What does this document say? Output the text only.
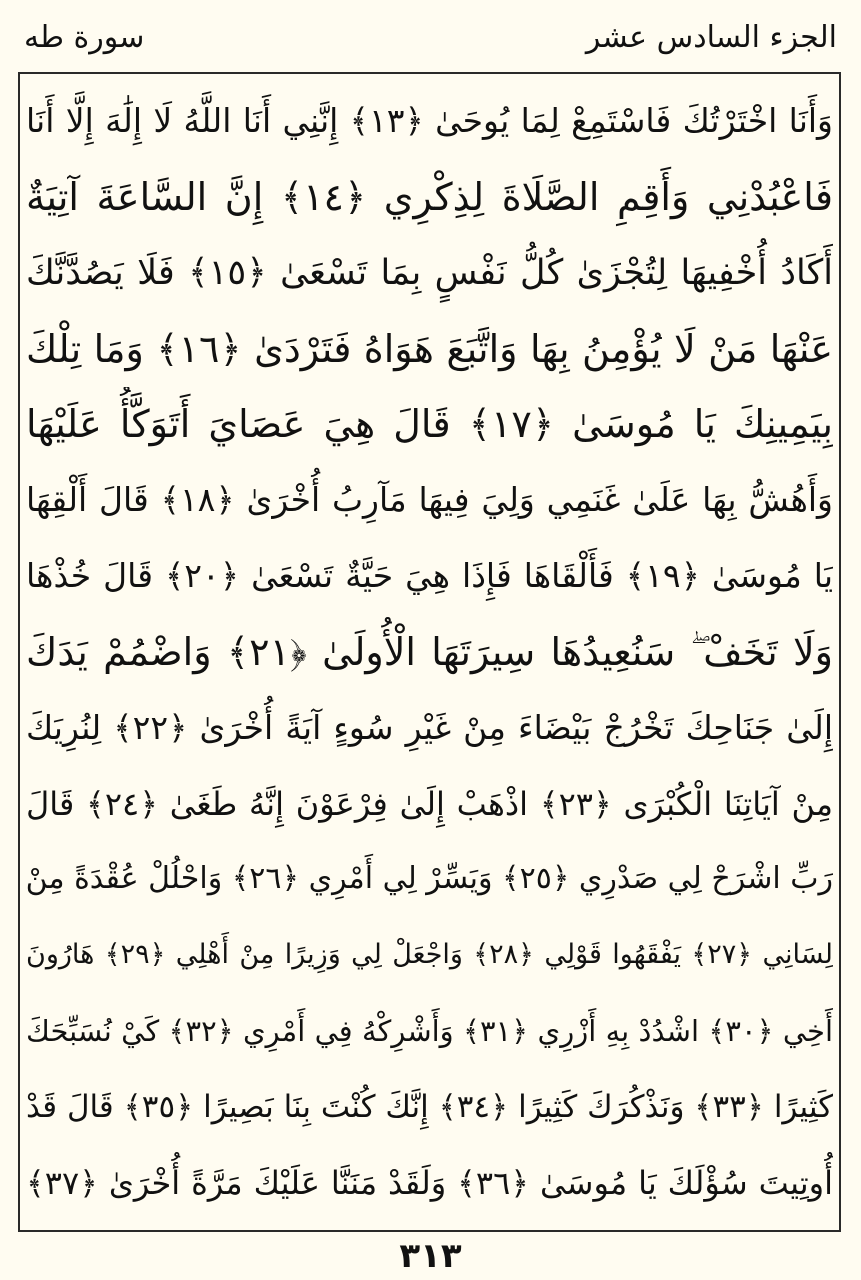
الجزء السادس عشر
سورة طه
وَأَنَا اخْتَرْتُكَ فَاسْتَمِعْ لِمَا يُوحَىٰ ﴿١٣﴾ إِنَّنِي أَنَا اللَّهُ لَا إِلَٰهَ إِلَّا أَنَا
فَاعْبُدْنِي وَأَقِمِ الصَّلَاةَ لِذِكْرِي ﴿١٤﴾ إِنَّ السَّاعَةَ آتِيَةٌ
أَكَادُ أُخْفِيهَا لِتُجْزَىٰ كُلُّ نَفْسٍ بِمَا تَسْعَىٰ ﴿١٥﴾ فَلَا يَصُدَّنَّكَ
عَنْهَا مَنْ لَا يُؤْمِنُ بِهَا وَاتَّبَعَ هَوَاهُ فَتَرْدَىٰ ﴿١٦﴾ وَمَا تِلْكَ
بِيَمِينِكَ يَا مُوسَىٰ ﴿١٧﴾ قَالَ هِيَ عَصَايَ أَتَوَكَّأُ عَلَيْهَا
وَأَهُشُّ بِهَا عَلَىٰ غَنَمِي وَلِيَ فِيهَا مَآرِبُ أُخْرَىٰ ﴿١٨﴾ قَالَ أَلْقِهَا
يَا مُوسَىٰ ﴿١٩﴾ فَأَلْقَاهَا فَإِذَا هِيَ حَيَّةٌ تَسْعَىٰ ﴿٢٠﴾ قَالَ خُذْهَا
وَلَا تَخَفْ ۖ سَنُعِيدُهَا سِيرَتَهَا الْأُولَىٰ ﴿٢١﴾ وَاضْمُمْ يَدَكَ
إِلَىٰ جَنَاحِكَ تَخْرُجْ بَيْضَاءَ مِنْ غَيْرِ سُوءٍ آيَةً أُخْرَىٰ ﴿٢٢﴾ لِنُرِيَكَ
مِنْ آيَاتِنَا الْكُبْرَى ﴿٢٣﴾ اذْهَبْ إِلَىٰ فِرْعَوْنَ إِنَّهُ طَغَىٰ ﴿٢٤﴾ قَالَ
رَبِّ اشْرَحْ لِي صَدْرِي ﴿٢٥﴾ وَيَسِّرْ لِي أَمْرِي ﴿٢٦﴾ وَاحْلُلْ عُقْدَةً مِنْ
لِسَانِي ﴿٢٧﴾ يَفْقَهُوا قَوْلِي ﴿٢٨﴾ وَاجْعَلْ لِي وَزِيرًا مِنْ أَهْلِي ﴿٢٩﴾ هَارُونَ
أَخِي ﴿٣٠﴾ اشْدُدْ بِهِ أَزْرِي ﴿٣١﴾ وَأَشْرِكْهُ فِي أَمْرِي ﴿٣٢﴾ كَيْ نُسَبِّحَكَ
كَثِيرًا ﴿٣٣﴾ وَنَذْكُرَكَ كَثِيرًا ﴿٣٤﴾ إِنَّكَ كُنْتَ بِنَا بَصِيرًا ﴿٣٥﴾ قَالَ قَدْ
أُوتِيتَ سُؤْلَكَ يَا مُوسَىٰ ﴿٣٦﴾ وَلَقَدْ مَنَنَّا عَلَيْكَ مَرَّةً أُخْرَىٰ ﴿٣٧﴾
٣١٣
